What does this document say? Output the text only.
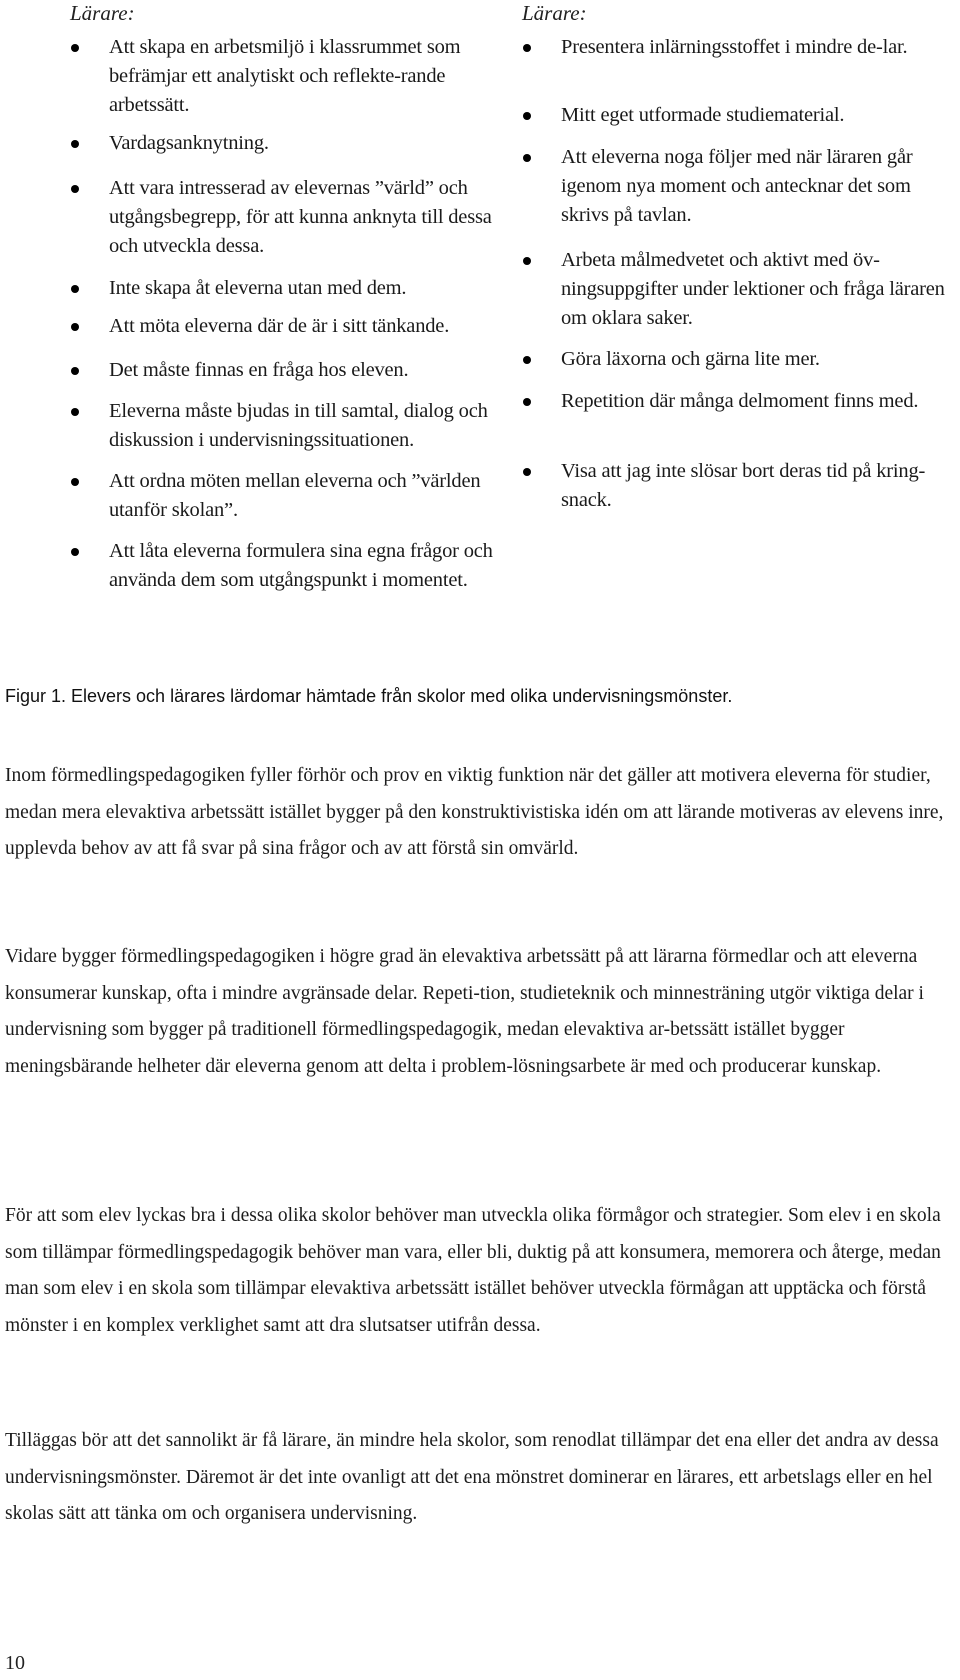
Lärare:

Att skapa en arbetsmiljö i klassrummet som befrämjar ett analytiskt och reflekte-rande arbetssätt.
Vardagsanknytning.
Att vara intresserad av elevernas ”värld” och utgångsbegrepp, för att kunna anknyta till dessa och utveckla dessa.
Inte skapa åt eleverna utan med dem.
Att möta eleverna där de är i sitt tänkande.
Det måste finnas en fråga hos eleven.
Eleverna måste bjudas in till samtal, dialog och diskussion i undervisningssituationen.
Att ordna möten mellan eleverna och ”världen utanför skolan”.
Att låta eleverna formulera sina egna frågor och använda dem som utgångspunkt i momentet.

Lärare:

Presentera inlärningsstoffet i mindre de-lar.
Mitt eget utformade studiematerial.
Att eleverna noga följer med när läraren går igenom nya moment och antecknar det som skrivs på tavlan.
Arbeta målmedvetet och aktivt med öv-ningsuppgifter under lektioner och fråga läraren om oklara saker.
Göra läxorna och gärna lite mer.
Repetition där många delmoment finns med.
Visa att jag inte slösar bort deras tid på kring-snack.

Figur 1. Elevers och lärares lärdomar hämtade från skolor med olika undervisningsmönster.

Inom förmedlingspedagogiken fyller förhör och prov en viktig funktion när det gäller att motivera eleverna för studier, medan mera elevaktiva arbetssätt istället bygger på den konstruktivistiska idén om att lärande motiveras av elevens inre, upplevda behov av att få svar på sina frågor och av att förstå sin omvärld.

Vidare bygger förmedlingspedagogiken i högre grad än elevaktiva arbetssätt på att lärarna förmedlar och att eleverna konsumerar kunskap, ofta i mindre avgränsade delar. Repeti-tion, studieteknik och minnesträning utgör viktiga delar i undervisning som bygger på traditionell förmedlingspedagogik, medan elevaktiva ar-betssätt istället bygger meningsbärande helheter där eleverna genom att delta i problem-lösningsarbete är med och producerar kunskap.

För att som elev lyckas bra i dessa olika skolor behöver man utveckla olika förmågor och strategier. Som elev i en skola som tillämpar förmedlingspedagogik behöver man vara, eller bli, duktig på att konsumera, memorera och återge, medan man som elev i en skola som tillämpar elevaktiva arbetssätt istället behöver utveckla förmågan att upptäcka och förstå mönster i en komplex verklighet samt att dra slutsatser utifrån dessa.

Tilläggas bör att det sannolikt är få lärare, än mindre hela skolor, som renodlat tillämpar det ena eller det andra av dessa undervisningsmönster. Däremot är det inte ovanligt att det ena mönstret dominerar en lärares, ett arbetslags eller en hel skolas sätt att tänka om och organisera undervisning.

10
